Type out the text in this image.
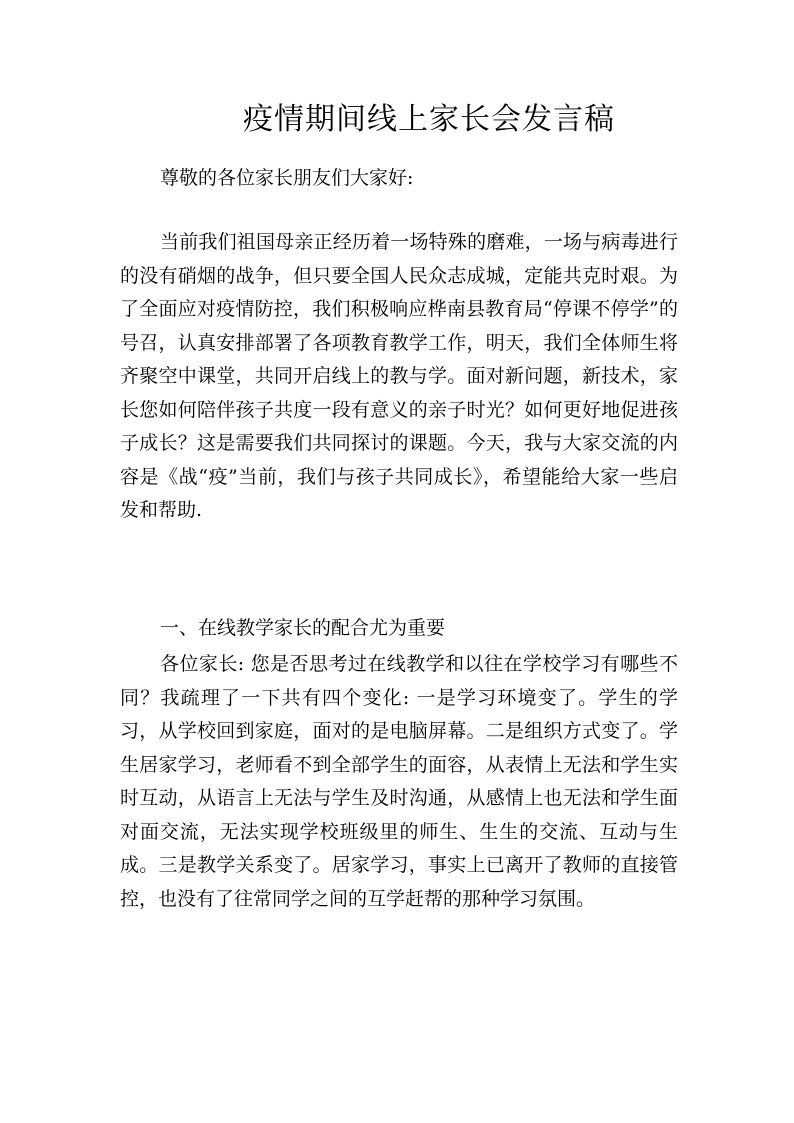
疫情期间线上家长会发言稿

尊敬的各位家长朋友们大家好:

当前我们祖国母亲正经历着一场特殊的磨难，一场与病毒进行的没有硝烟的战争，但只要全国人民众志成城，定能共克时艰。为了全面应对疫情防控，我们积极响应桦南县教育局“停课不停学”的号召，认真安排部署了各项教育教学工作，明天，我们全体师生将齐聚空中课堂，共同开启线上的教与学。面对新问题，新技术，家长您如何陪伴孩子共度一段有意义的亲子时光？如何更好地促进孩子成长？这是需要我们共同探讨的课题。今天，我与大家交流的内容是《战“疫”当前，我们与孩子共同成长》，希望能给大家一些启发和帮助.

一、在线教学家长的配合尤为重要

各位家长: 您是否思考过在线教学和以往在学校学习有哪些不同？我疏理了一下共有四个变化: 一是学习环境变了。学生的学习，从学校回到家庭，面对的是电脑屏幕。二是组织方式变了。学生居家学习，老师看不到全部学生的面容，从表情上无法和学生实时互动，从语言上无法与学生及时沟通，从感情上也无法和学生面对面交流，无法实现学校班级里的师生、生生的交流、互动与生成。三是教学关系变了。居家学习，事实上已离开了教师的直接管控，也没有了往常同学之间的互学赶帮的那种学习氛围。
